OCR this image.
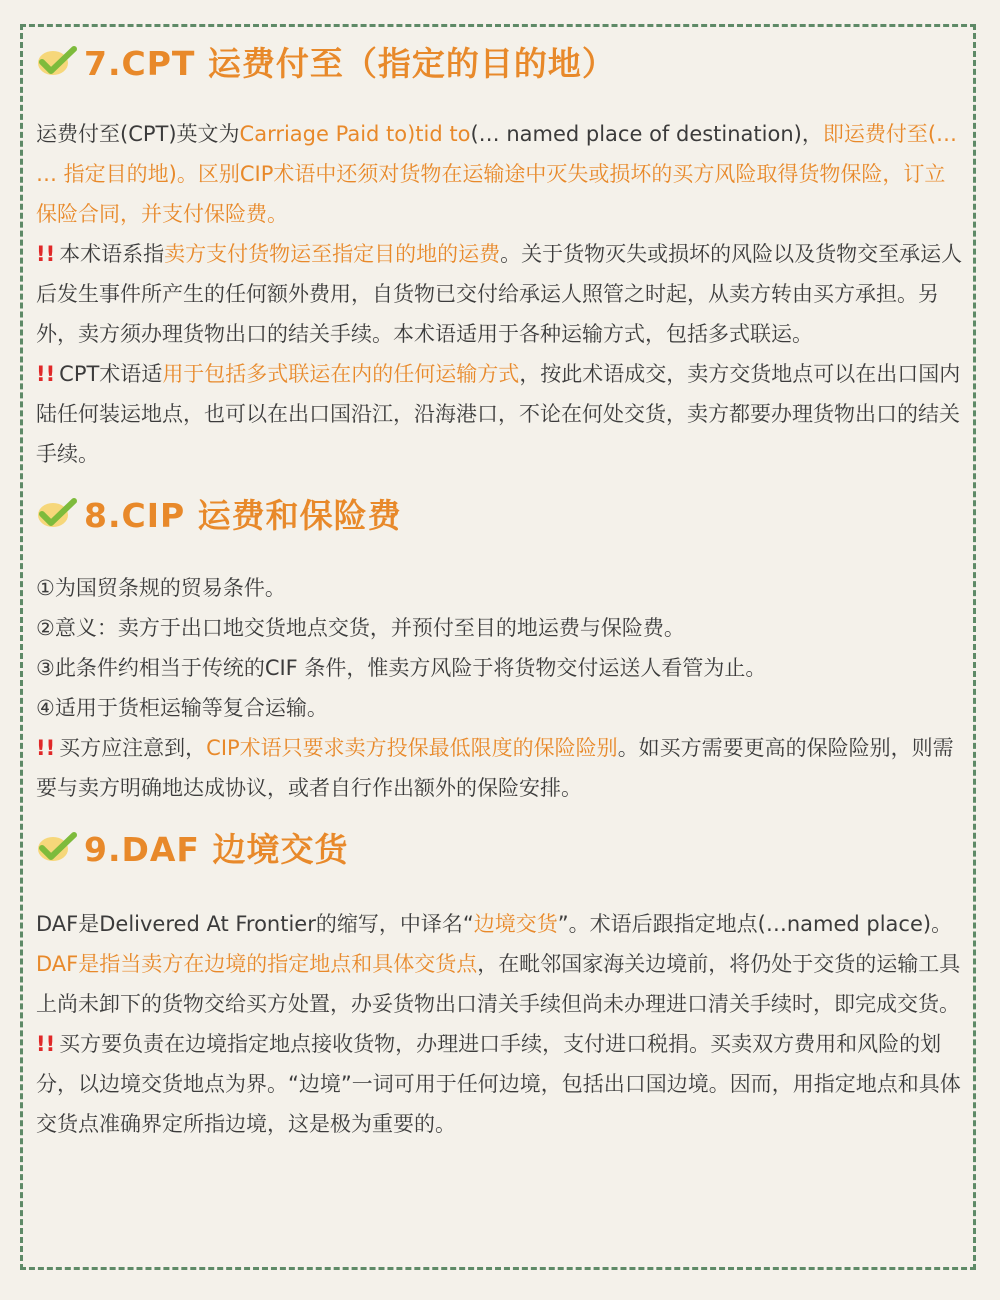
7.CPT 运费付至（指定的目的地）

运费付至(CPT)英文为Carriage Paid to)tid to(… named place of destination)，即运费付至(… … 指定目的地)。区别CIP术语中还须对货物在运输途中灭失或损坏的买方风险取得货物保险，订立保险合同，并支付保险费。

!! 本术语系指卖方支付货物运至指定目的地的运费。关于货物灭失或损坏的风险以及货物交至承运人后发生事件所产生的任何额外费用，自货物已交付给承运人照管之时起，从卖方转由买方承担。另外，卖方须办理货物出口的结关手续。本术语适用于各种运输方式，包括多式联运。

!! CPT术语适用于包括多式联运在内的任何运输方式，按此术语成交，卖方交货地点可以在出口国内陆任何装运地点，也可以在出口国沿江，沿海港口，不论在何处交货，卖方都要办理货物出口的结关手续。

8.CIP 运费和保险费

①为国贸条规的贸易条件。

②意义：卖方于出口地交货地点交货，并预付至目的地运费与保险费。

③此条件约相当于传统的CIF 条件，惟卖方风险于将货物交付运送人看管为止。

④适用于货柜运输等复合运输。

!! 买方应注意到，CIP术语只要求卖方投保最低限度的保险险别。如买方需要更高的保险险别，则需要与卖方明确地达成协议，或者自行作出额外的保险安排。

9.DAF 边境交货

DAF是Delivered At Frontier的缩写，中译名“边境交货”。术语后跟指定地点(…named place)。DAF是指当卖方在边境的指定地点和具体交货点，在毗邻国家海关边境前，将仍处于交货的运输工具上尚未卸下的货物交给买方处置，办妥货物出口清关手续但尚未办理进口清关手续时，即完成交货。

!! 买方要负责在边境指定地点接收货物，办理进口手续，支付进口税捐。买卖双方费用和风险的划分，以边境交货地点为界。“边境”一词可用于任何边境，包括出口国边境。因而，用指定地点和具体交货点准确界定所指边境，这是极为重要的。
